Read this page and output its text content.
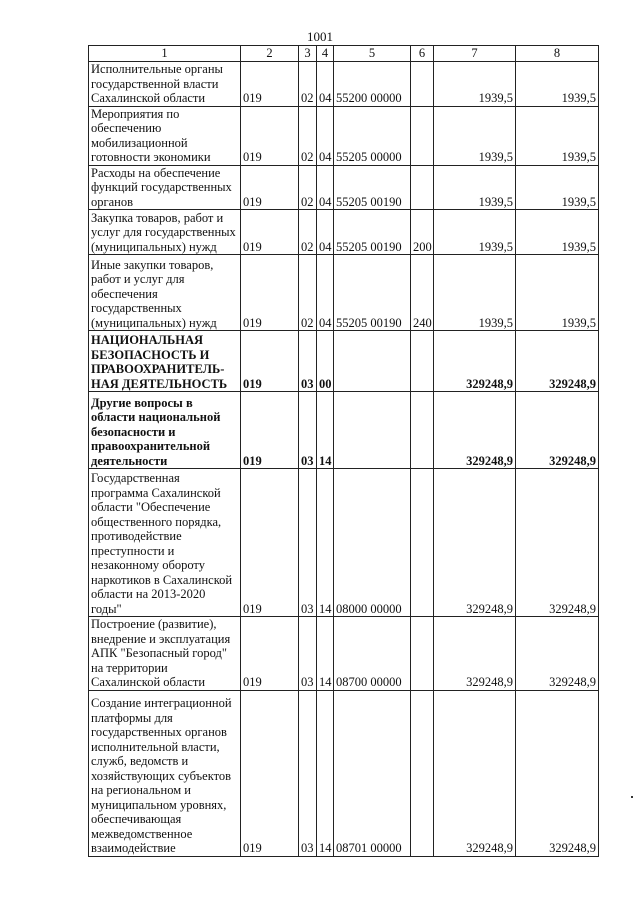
1001
1	2	3	4	5	6	7	8
Исполнительные органы государственной власти Сахалинской области	019	02	04	55200 00000		1939,5	1939,5
Мероприятия по обеспечению мобилизационной готовности экономики	019	02	04	55205 00000		1939,5	1939,5
Расходы на обеспечение функций государственных органов	019	02	04	55205 00190		1939,5	1939,5
Закупка товаров, работ и услуг для государственных (муниципальных) нужд	019	02	04	55205 00190	200	1939,5	1939,5
Иные закупки товаров, работ и услуг для обеспечения государственных (муниципальных) нужд	019	02	04	55205 00190	240	1939,5	1939,5
НАЦИОНАЛЬНАЯ БЕЗОПАСНОСТЬ И ПРАВООХРАНИТЕЛЬ-НАЯ ДЕЯТЕЛЬНОСТЬ	019	03	00			329248,9	329248,9
Другие вопросы в области национальной безопасности и правоохранительной деятельности	019	03	14			329248,9	329248,9
Государственная программа Сахалинской области "Обеспечение общественного порядка, противодействие преступности и незаконному обороту наркотиков в Сахалинской области на 2013-2020 годы"	019	03	14	08000 00000		329248,9	329248,9
Построение (развитие), внедрение и эксплуатация АПК "Безопасный город" на территории Сахалинской области	019	03	14	08700 00000		329248,9	329248,9
Создание интеграционной платформы для государственных органов исполнительной власти, служб, ведомств и хозяйствующих субъектов на региональном и муниципальном уровнях, обеспечивающая межведомственное взаимодействие	019	03	14	08701 00000		329248,9	329248,9
